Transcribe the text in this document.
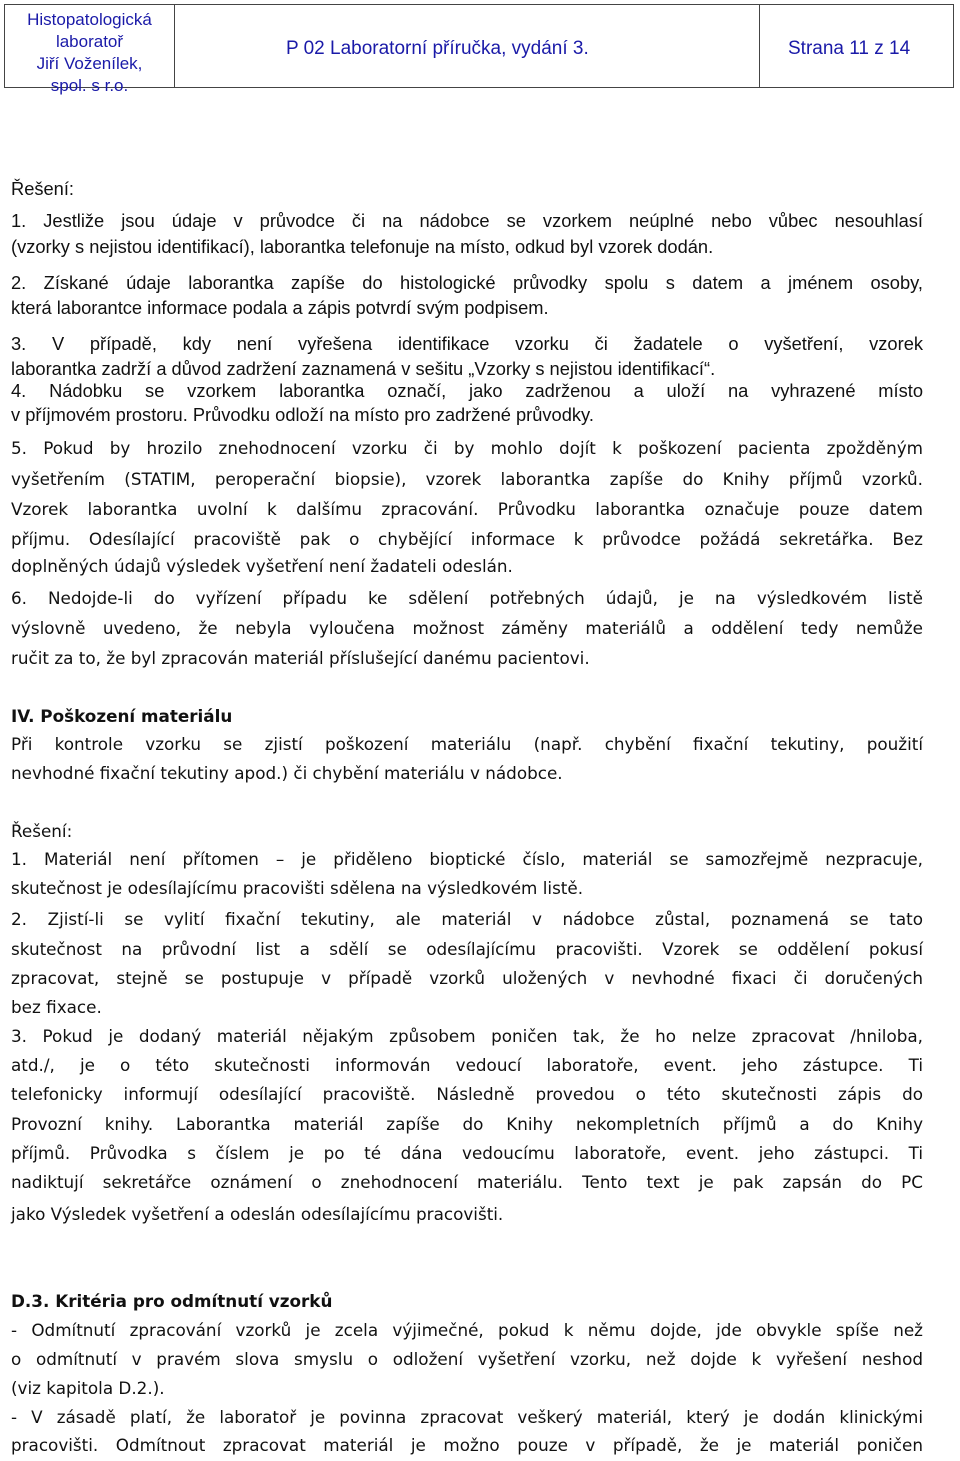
Histopatologická
laboratoř
Jiří Voženílek,
spol. s r.o.
P 02 Laboratorní příručka, vydání 3.	Strana 11 z 14
Řešení:
1. Jestliže jsou údaje v průvodce či na nádobce se vzorkem neúplné nebo vůbec nesouhlasí
(vzorky s nejistou identifikací), laborantka telefonuje na místo, odkud byl vzorek dodán.
2. Získané údaje laborantka zapíše do histologické průvodky spolu s datem a jménem osoby,
která laborantce informace podala a zápis potvrdí svým podpisem.
3. V případě, kdy není vyřešena identifikace vzorku či žadatele o vyšetření, vzorek
laborantka zadrží a důvod zadržení zaznamená v sešitu „Vzorky s nejistou identifikací“.
4. Nádobku se vzorkem laborantka označí, jako zadrženou a uloží na vyhrazené místo
v příjmovém prostoru. Průvodku odloží na místo pro zadržené průvodky.
5. Pokud by hrozilo znehodnocení vzorku či by mohlo dojít k poškození pacienta zpožděným
vyšetřením (STATIM, peroperační biopsie), vzorek laborantka zapíše do Knihy příjmů vzorků.
Vzorek laborantka uvolní k dalšímu zpracování. Průvodku laborantka označuje pouze datem
příjmu. Odesílající pracoviště pak o chybějící informace k průvodce požádá sekretářka. Bez
doplněných údajů výsledek vyšetření není žadateli odeslán.
6. Nedojde-li do vyřízení případu ke sdělení potřebných údajů, je na výsledkovém listě
výslovně uvedeno, že nebyla vyloučena možnost záměny materiálů a oddělení tedy nemůže
ručit za to, že byl zpracován materiál příslušející danému pacientovi.
IV. Poškození materiálu
Při kontrole vzorku se zjistí poškození materiálu (např. chybění fixační tekutiny, použití
nevhodné fixační tekutiny apod.) či chybění materiálu v nádobce.
Řešení:
1. Materiál není přítomen – je přiděleno bioptické číslo, materiál se samozřejmě nezpracuje,
skutečnost je odesílajícímu pracovišti sdělena na výsledkovém listě.
2. Zjistí-li se vylití fixační tekutiny, ale materiál v nádobce zůstal, poznamená se tato
skutečnost na průvodní list a sdělí se odesílajícímu pracovišti. Vzorek se oddělení pokusí
zpracovat, stejně se postupuje v případě vzorků uložených v nevhodné fixaci či doručených
bez fixace.
3. Pokud je dodaný materiál nějakým způsobem poničen tak, že ho nelze zpracovat /hniloba,
atd./, je o této skutečnosti informován vedoucí laboratoře, event. jeho zástupce. Ti
telefonicky informují odesílající pracoviště. Následně provedou o této skutečnosti zápis do
Provozní knihy. Laborantka materiál zapíše do Knihy nekompletních příjmů a do Knihy
příjmů. Průvodka s číslem je po té dána vedoucímu laboratoře, event. jeho zástupci. Ti
nadiktují sekretářce oznámení o znehodnocení materiálu. Tento text je pak zapsán do PC
jako Výsledek vyšetření a odeslán odesílajícímu pracovišti.
D.3. Kritéria pro odmítnutí vzorků
- Odmítnutí zpracování vzorků je zcela výjimečné, pokud k němu dojde, jde obvykle spíše než
o odmítnutí v pravém slova smyslu o odložení vyšetření vzorku, než dojde k vyřešení neshod
(viz kapitola D.2.).
- V zásadě platí, že laboratoř je povinna zpracovat veškerý materiál, který je dodán klinickými
pracovišti. Odmítnout zpracovat materiál je možno pouze v případě, že je materiál poničen
